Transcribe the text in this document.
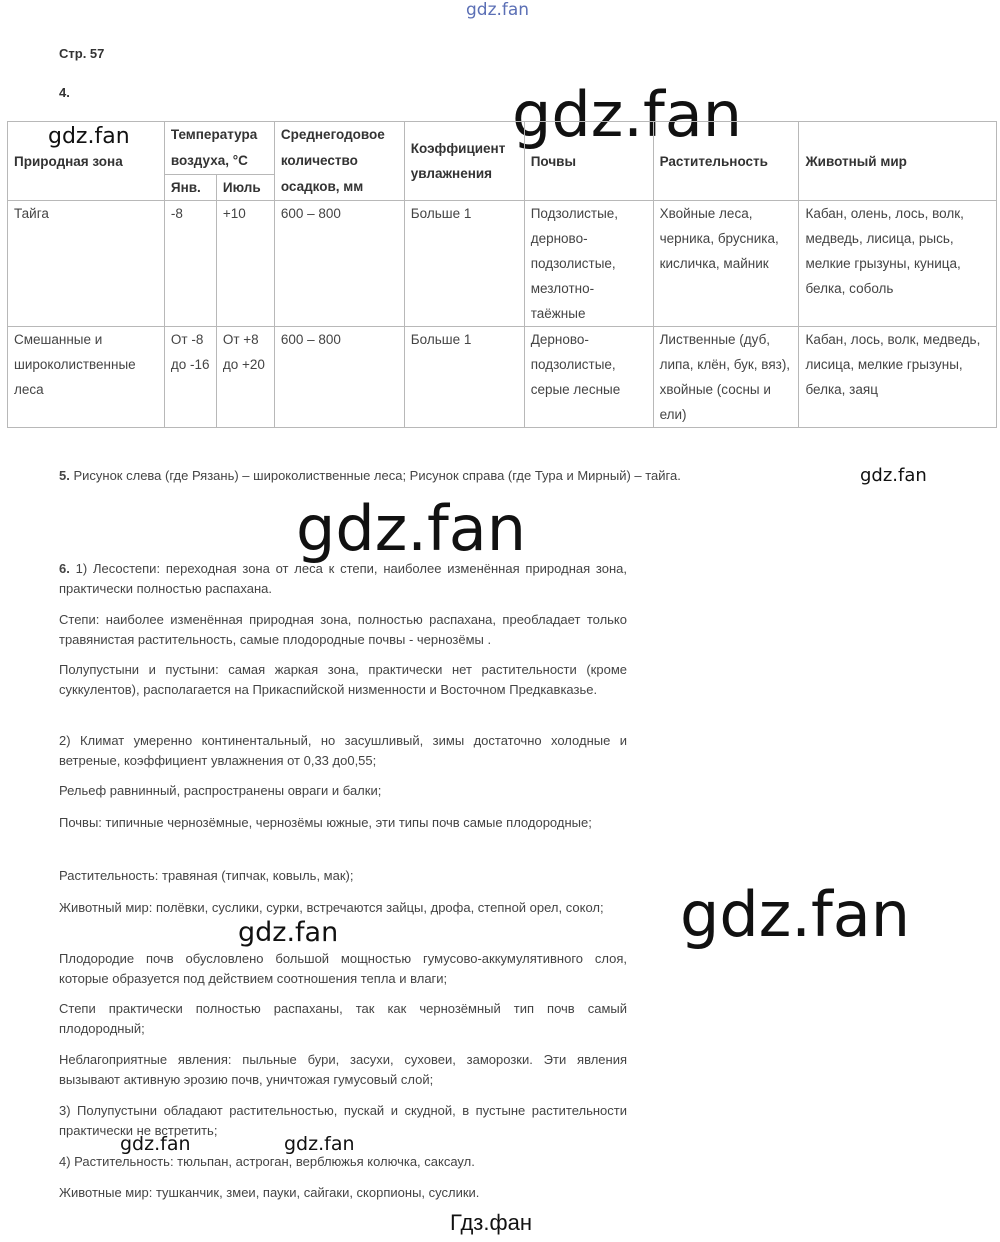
gdz.fan
gdz.fan
gdz.fan
gdz.fan
gdz.fan
gdz.fan
gdz.fan
gdz.fan	gdz.fan
Стр. 57
4.
Природная зона	Температура воздуха, °С		Среднегодовое количество осадков, мм	Коэффициент увлажнения	Почвы	Растительность	Животный мир
	Янв.	Июль					
Тайга	-8	+10	600 – 800	Больше 1	Подзолистые, дерново-подзолистые, мезлотно-таёжные	Хвойные леса, черника, брусника, кисличка, майник	Кабан, олень, лось, волк, медведь, лисица, рысь, мелкие грызуны, куница, белка, соболь
Смешанные и широколиственные леса	От -8 до -16	От +8 до +20	600 – 800	Больше 1	Дерново-подзолистые, серые лесные	Лиственные (дуб, липа, клён, бук, вяз), хвойные (сосны и ели)	Кабан, лось, волк, медведь, лисица, мелкие грызуны, белка, заяц
5. Рисунок слева (где Рязань) – широколиственные леса; Рисунок справа (где Тура и Мирный) – тайга.

6. 1) Лесостепи: переходная зона от леса к степи, наиболее изменённая природная зона, практически полностью распахана.

Степи: наиболее изменённая природная зона, полностью распахана, преобладает только травянистая растительность, самые плодородные почвы - чернозёмы .

Полупустыни и пустыни: самая жаркая зона, практически нет растительности (кроме суккулентов), располагается на Прикаспийской низменности и Восточном Предкавказье.

2) Климат умеренно континентальный, но засушливый, зимы достаточно холодные и ветреные, коэффициент увлажнения от 0,33 до0,55;

Рельеф равнинный, распространены овраги и балки;

Почвы: типичные чернозёмные, чернозёмы южные, эти типы почв самые плодородные;

Растительность: травяная (типчак, ковыль, мак);

Животный мир: полёвки, суслики, сурки, встречаются зайцы, дрофа, степной орел, сокол;

Плодородие почв обусловлено большой мощностью гумусово-аккумулятивного слоя, которые образуется под действием соотношения тепла и влаги;

Степи практически полностью распаханы, так как чернозёмный тип почв самый плодородный;

Неблагоприятные явления: пыльные бури, засухи, суховеи, заморозки. Эти явления вызывают активную эрозию почв, уничтожая гумусовый слой;

3) Полупустыни обладают растительностью, пускай и скудной, в пустыне растительности практически не встретить;

4) Растительность: тюльпан, астроган, верблюжья колючка, саксаул.

Животные мир: тушканчик, змеи, пауки, сайгаки, скорпионы, суслики.

Гдз.фан
